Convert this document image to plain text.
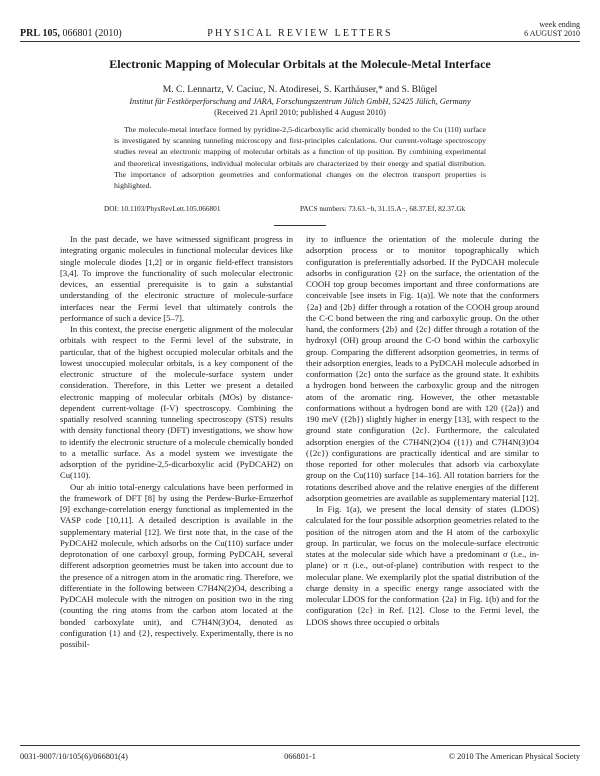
PRL 105, 066801 (2010)	PHYSICAL REVIEW LETTERS
week ending
6 AUGUST 2010
Electronic Mapping of Molecular Orbitals at the Molecule-Metal Interface
M. C. Lennartz, V. Caciuc, N. Atodiresei, S. Karthäuser,* and S. Blügel
Institut für Festkörperforschung and JARA, Forschungszentrum Jülich GmbH, 52425 Jülich, Germany
(Received 21 April 2010; published 4 August 2010)
The molecule-metal interface formed by pyridine-2,5-dicarboxylic acid chemically bonded to the Cu (110) surface is investigated by scanning tunneling microscopy and first-principles calculations. Our current-voltage spectroscopy studies reveal an electronic mapping of molecular orbitals as a function of tip position. By combining experimental and theoretical investigations, individual molecular orbitals are characterized by their energy and spatial distribution. The importance of adsorption geometries and conformational changes on the electron transport properties is highlighted.
DOI: 10.1103/PhysRevLett.105.066801	PACS numbers: 73.63.−b, 31.15.A−, 68.37.Ef, 82.37.Gk

In the past decade, we have witnessed significant progress in integrating organic molecules in functional molecular devices like single molecule diodes [1,2] or in organic field-effect transistors [3,4]. To improve the functionality of such molecular electronic devices, an essential prerequisite is to gain a substantial understanding of the electronic structure of molecule-surface interfaces near the Fermi level that ultimately controls the performance of such a device [5–7].

In this context, the precise energetic alignment of the molecular orbitals with respect to the Fermi level of the substrate, in particular, that of the highest occupied molecular orbitals and the lowest unoccupied molecular orbitals, is a key component of the electronic structure of the molecule-surface system under consideration. Therefore, in this Letter we present a detailed electronic mapping of molecular orbitals (MOs) by distance-dependent current-voltage (I-V) spectroscopy. Combining the spatially resolved scanning tunneling spectroscopy (STS) results with density functional theory (DFT) investigations, we show how to identify the electronic structure of a molecule chemically bonded to a metallic surface. As a model system we investigate the adsorption of the pyridine-2,5-dicarboxylic acid (PyDCAH2) on Cu(110).

Our ab initio total-energy calculations have been performed in the framework of DFT [8] by using the Perdew-Burke-Ernzerhof [9] exchange-correlation energy functional as implemented in the VASP code [10,11]. A detailed description is available in the supplementary material [12]. We first note that, in the case of the PyDCAH2 molecule, which adsorbs on the Cu(110) surface under deprotonation of one carboxyl group, forming PyDCAH, several different adsorption geometries must be taken into account due to the presence of a nitrogen atom in the aromatic ring. Therefore, we differentiate in the following between C7H4N(2)O4, describing a PyDCAH molecule with the nitrogen on position two in the ring (counting the ring atoms from the carbon atom located at the bonded carboxylate unit), and C7H4N(3)O4, denoted as configuration {1} and {2}, respectively. Experimentally, there is no possibil-

ity to influence the orientation of the molecule during the adsorption process or to monitor topographically which configuration is preferentially adsorbed. If the PyDCAH molecule adsorbs in configuration {2} on the surface, the orientation of the COOH top group becomes important and three conformations are conceivable [see insets in Fig. 1(a)]. We note that the conformers {2a} and {2b} differ through a rotation of the COOH group around the C-C bond between the ring and carboxylic group. On the other hand, the conformers {2b} and {2c} differ through a rotation of the hydroxyl (OH) group around the C-O bond within the carboxylic group. Comparing the different adsorption geometries, in terms of their adsorption energies, leads to a PyDCAH molecule adsorbed in conformation {2c} onto the surface as the ground state. It exhibits a hydrogen bond between the carboxylic group and the nitrogen atom of the aromatic ring. However, the other metastable conformations without a hydrogen bond are with 120 ({2a}) and 190 meV ({2b}) slightly higher in energy [13], with respect to the ground state configuration {2c}. Furthermore, the calculated adsorption energies of the C7H4N(2)O4 ({1}) and C7H4N(3)O4 ({2c}) configurations are practically identical and are similar to those reported for other molecules that adsorb via carboxylate group on the Cu(110) surface [14–16]. All rotation barriers for the rotations described above and the relative energies of the different adsorption geometries are available as supplementary material [12].

In Fig. 1(a), we present the local density of states (LDOS) calculated for the four possible adsorption geometries related to the position of the nitrogen atom and the H atom of the carboxylic group. In particular, we focus on the molecule-surface electronic states at the molecular side which have a predominant σ (i.e., in-plane) or π (i.e., out-of-plane) contribution with respect to the molecular plane. We exemplarily plot the spatial distribution of the charge density in a specific energy range associated with the molecular LDOS for the conformation {2a} in Fig. 1(b) and for the configuration {2c} in Ref. [12]. Close to the Fermi level, the LDOS shows three occupied σ orbitals

0031-9007/10/105(6)/066801(4)	066801-1	© 2010 The American Physical Society
